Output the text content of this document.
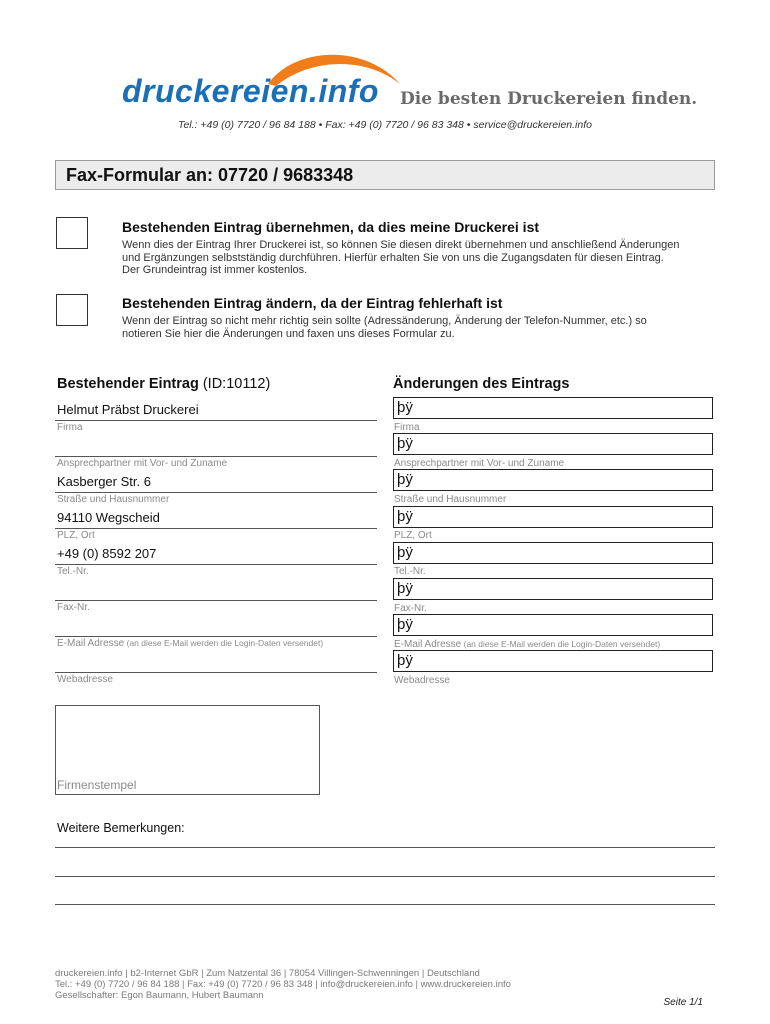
druckereien.info Die besten Druckereien finden.
Tel.: +49 (0) 7720 / 96 84 188 • Fax: +49 (0) 7720 / 96 83 348 • service@druckereien.info
Fax-Formular an: 07720 / 9683348
Bestehenden Eintrag übernehmen, da dies meine Druckerei ist
Wenn dies der Eintrag Ihrer Druckerei ist, so können Sie diesen direkt übernehmen und anschließend Änderungen
und Ergänzungen selbstständig durchführen. Hierfür erhalten Sie von uns die Zugangsdaten für diesen Eintrag.
Der Grundeintrag ist immer kostenlos.
Bestehenden Eintrag ändern, da der Eintrag fehlerhaft ist
Wenn der Eintrag so nicht mehr richtig sein sollte (Adressänderung, Änderung der Telefon-Nummer, etc.) so
notieren Sie hier die Änderungen und faxen uns dieses Formular zu.
Bestehender Eintrag (ID:10112)	Änderungen des Eintrags
Helmut Präbst Druckerei
Firma
Ansprechpartner mit Vor- und Zuname
Kasberger Str. 6
Straße und Hausnummer
94110 Wegscheid
PLZ, Ort
+49 (0) 8592 207
Tel.-Nr.
Fax-Nr.
E-Mail Adresse (an diese E-Mail werden die Login-Daten versendet)
Webadresse
þÿ
Firma
þÿ
Ansprechpartner mit Vor- und Zuname
þÿ
Straße und Hausnummer
þÿ
PLZ, Ort
þÿ
Tel.-Nr.
þÿ
Fax-Nr.
þÿ
E-Mail Adresse (an diese E-Mail werden die Login-Daten versendet)
þÿ
Webadresse
Firmenstempel
Weitere Bemerkungen:
druckereien.info | b2-Internet GbR | Zum Natzental 36 | 78054 Villingen-Schwenningen | Deutschland
Tel.: +49 (0) 7720 / 96 84 188 | Fax: +49 (0) 7720 / 96 83 348 | info@druckereien.info | www.druckereien.info
Gesellschafter: Egon Baumann, Hubert Baumann
Seite 1/1
